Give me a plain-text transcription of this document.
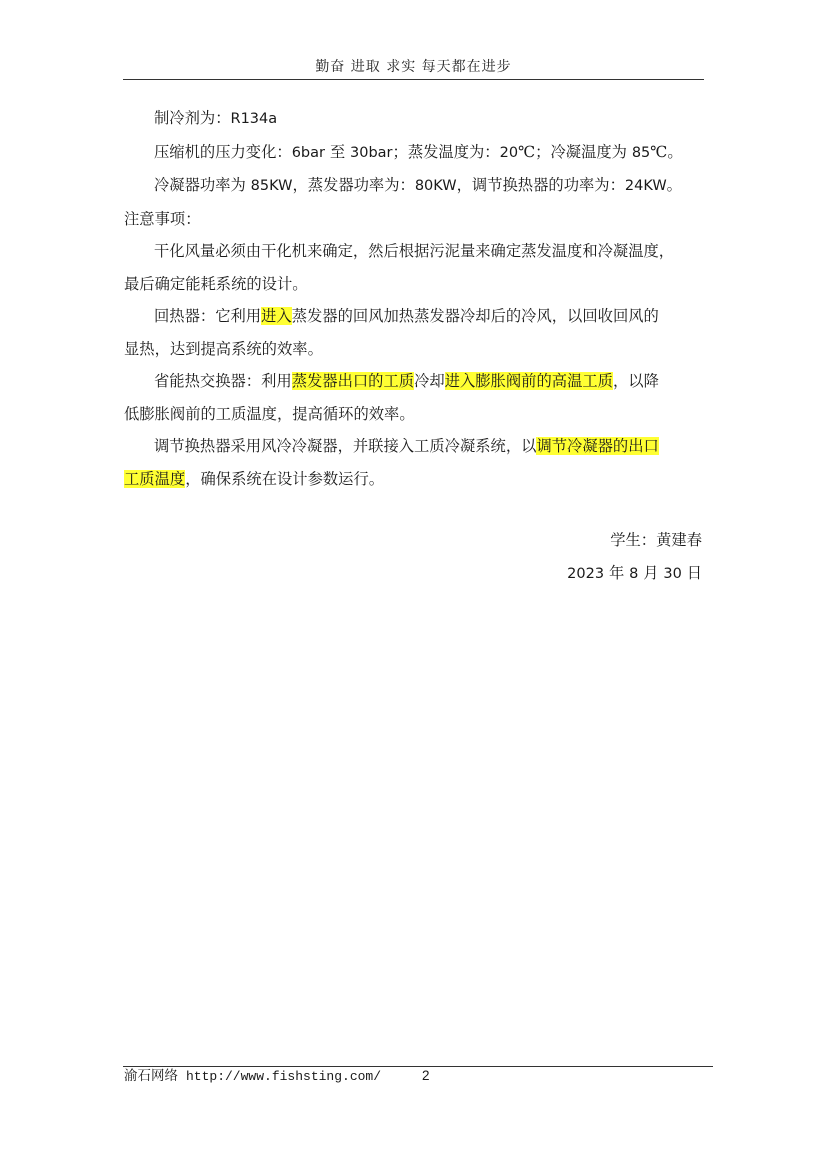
勤奋 进取 求实 每天都在进步

制冷剂为：R134a

压缩机的压力变化：6bar 至 30bar；蒸发温度为：20℃；冷凝温度为 85℃。

冷凝器功率为 85KW，蒸发器功率为：80KW，调节换热器的功率为：24KW。

注意事项：

干化风量必须由干化机来确定，然后根据污泥量来确定蒸发温度和冷凝温度，

最后确定能耗系统的设计。

回热器：它利用进入蒸发器的回风加热蒸发器冷却后的冷风，以回收回风的

显热，达到提高系统的效率。

省能热交换器：利用蒸发器出口的工质冷却进入膨胀阀前的高温工质，以降

低膨胀阀前的工质温度，提高循环的效率。

调节换热器采用风冷冷凝器，并联接入工质冷凝系统，以调节冷凝器的出口

工质温度，确保系统在设计参数运行。

学生：黄建春

2023 年 8 月 30 日

渝石网络 http://www.fishsting.com/	2
